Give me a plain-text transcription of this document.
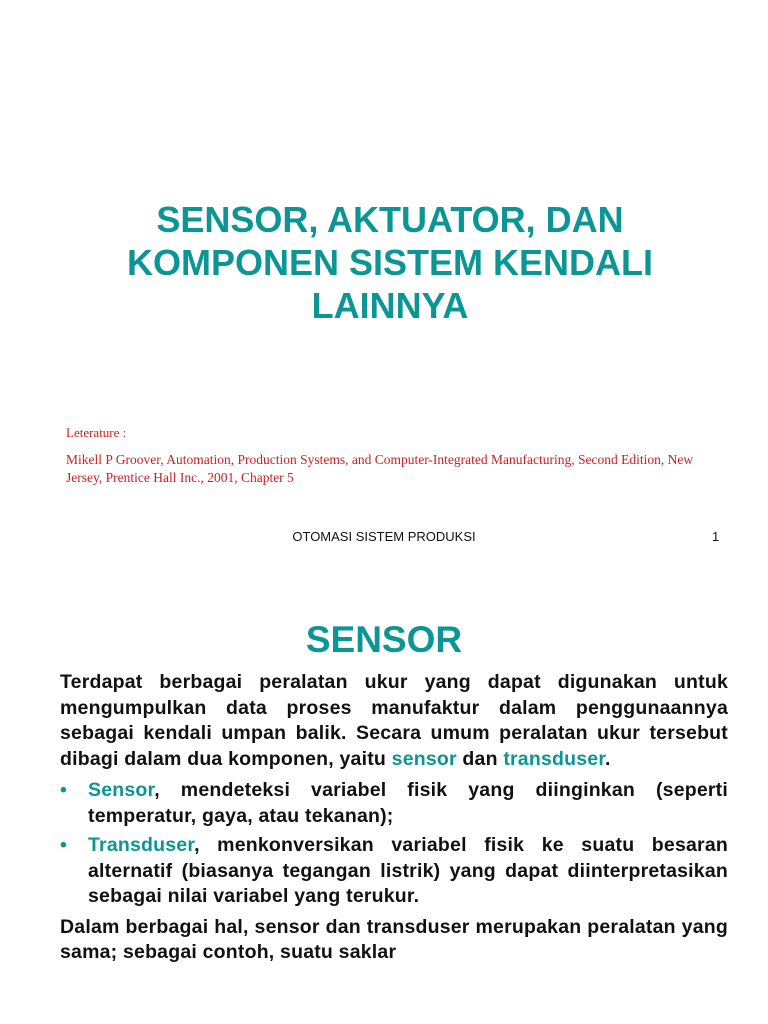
SENSOR, AKTUATOR, DAN
KOMPONEN SISTEM KENDALI
LAINNYA

Leterature :

Mikell P Groover, Automation, Production Systems, and Computer-Integrated Manufacturing, Second Edition, New Jersey, Prentice Hall Inc., 2001, Chapter 5

OTOMASI SISTEM PRODUKSI	1

SENSOR

Terdapat berbagai peralatan ukur yang dapat digunakan untuk mengumpulkan data proses manufaktur dalam penggunaannya sebagai kendali umpan balik. Secara umum peralatan ukur tersebut dibagi dalam dua komponen, yaitu sensor dan transduser.

• Sensor, mendeteksi variabel fisik yang diinginkan (seperti temperatur, gaya, atau tekanan);
• Transduser, menkonversikan variabel fisik ke suatu besaran alternatif (biasanya tegangan listrik) yang dapat diinterpretasikan sebagai nilai variabel yang terukur.

Dalam berbagai hal, sensor dan transduser merupakan peralatan yang sama; sebagai contoh, suatu saklar
